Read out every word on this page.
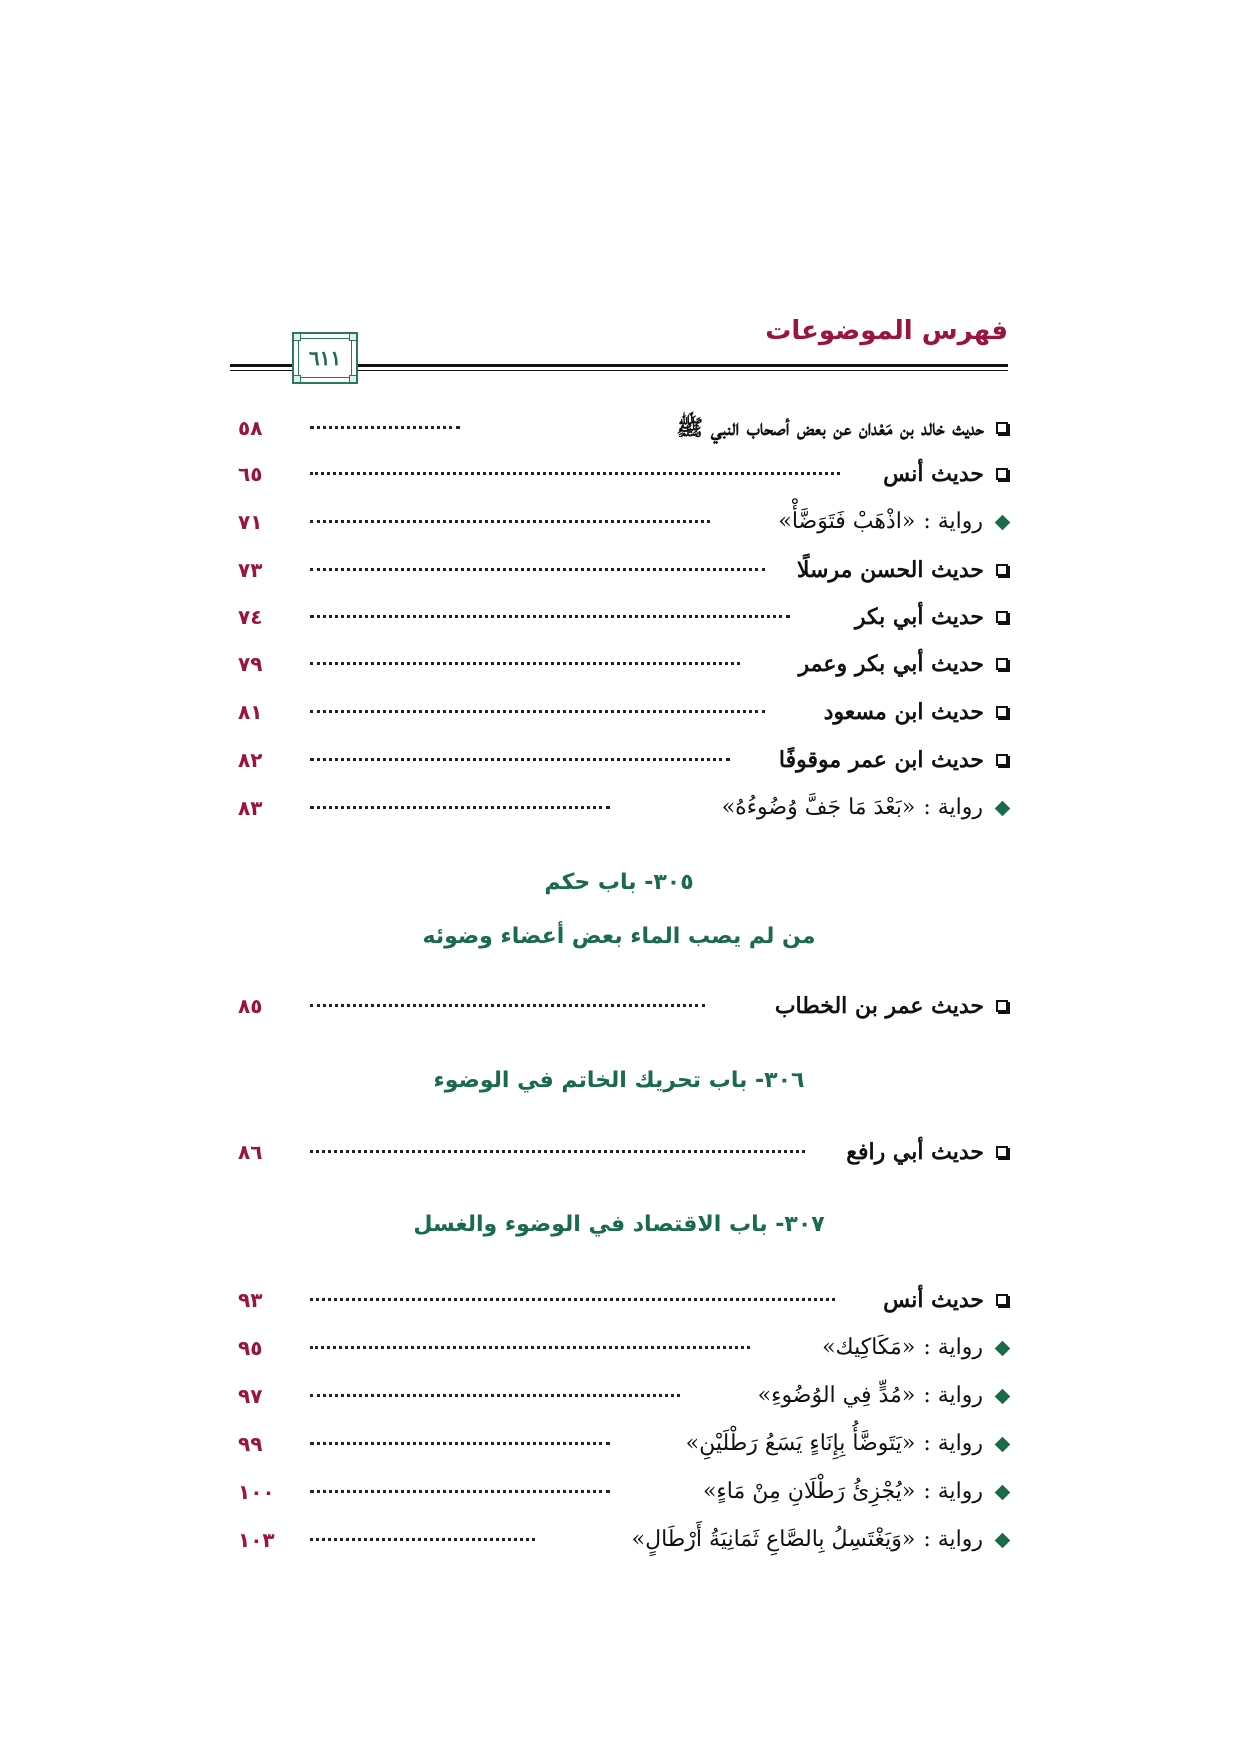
فهرس الموضوعات
٦١١
حديث خالد بن مَعْدان عن بعض أصحاب النبي ﷺ
٥٨
حديث أنس
٦٥
رواية :
«اذْهَبْ فَتَوَضَّأْ»
٧١
حديث الحسن مرسلًا
٧٣
حديث أبي بكر
٧٤
حديث أبي بكر وعمر
٧٩
حديث ابن مسعود
٨١
حديث ابن عمر موقوفًا
٨٢
رواية :
«بَعْدَ مَا جَفَّ وُضُوءُهُ»
٨٣
٣٠٥- باب حكم
من لم يصب الماء بعض أعضاء وضوئه
حديث عمر بن الخطاب
٨٥
٣٠٦- باب تحريك الخاتم في الوضوء
حديث أبي رافع
٨٦
٣٠٧- باب الاقتصاد في الوضوء والغسل
حديث أنس
٩٣
رواية :
«مَكَاكِيك»
٩٥
رواية :
«مُدٍّ فِي الوُضُوءِ»
٩٧
رواية :
«يَتَوضَّأُ بِإِنَاءٍ يَسَعُ رَطْلَيْنِ»
٩٩
رواية :
«يُجْزِئُ رَطْلَانِ مِنْ مَاءٍ»
١٠٠
رواية :
«وَيَغْتَسِلُ بِالصَّاعِ ثَمَانِيَةُ أَرْطَالٍ»
١٠٣
